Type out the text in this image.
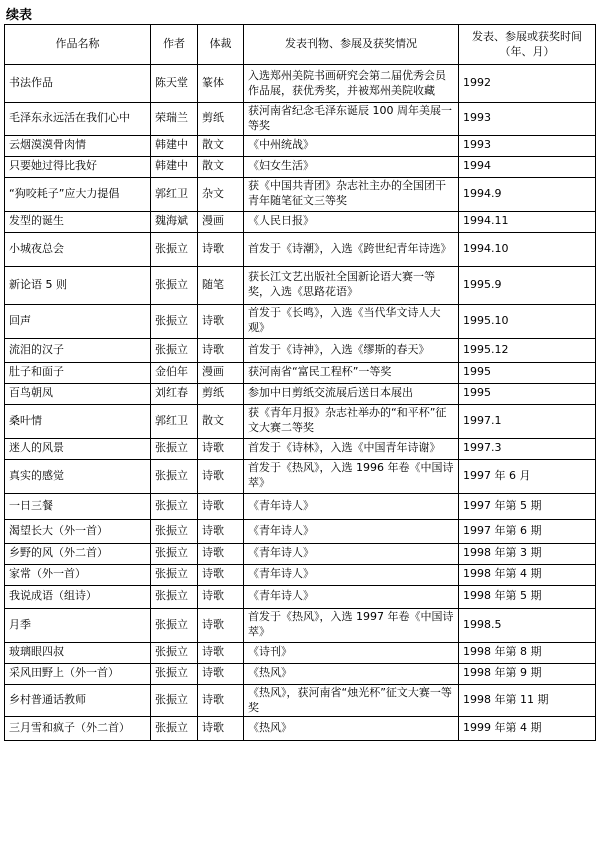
续表
作品名称	作者	体裁	发表刊物、参展及获奖情况	发表、参展或获奖时间（年、月）
书法作品	陈天堂	篆体	入选郑州美院书画研究会第二届优秀会员作品展，获优秀奖，并被郑州美院收藏	1992
毛泽东永远活在我们心中	荣瑞兰	剪纸	获河南省纪念毛泽东诞辰 100 周年美展一等奖	1993
云烟漠漠骨肉情	韩建中	散文	《中州统战》	1993
只要她过得比我好	韩建中	散文	《妇女生活》	1994
“狗咬耗子”应大力提倡	郭红卫	杂文	获《中国共青团》杂志社主办的全国团干青年随笔征文三等奖	1994.9
发型的诞生	魏海斌	漫画	《人民日报》	1994.11
小城夜总会	张振立	诗歌	首发于《诗潮》，入选《跨世纪青年诗选》	1994.10
新论语 5 则	张振立	随笔	获长江文艺出版社全国新论语大赛一等奖，入选《思路花语》	1995.9
回声	张振立	诗歌	首发于《长鸣》，入选《当代华文诗人大观》	1995.10
流泪的汉子	张振立	诗歌	首发于《诗神》，入选《缪斯的春天》	1995.12
肚子和面子	金伯年	漫画	获河南省“富民工程杯”一等奖	1995
百鸟朝凤	刘红春	剪纸	参加中日剪纸交流展后送日本展出	1995
桑叶情	郭红卫	散文	获《青年月报》杂志社举办的“和平杯”征文大赛二等奖	1997.1
迷人的风景	张振立	诗歌	首发于《诗林》，入选《中国青年诗谢》	1997.3
真实的感觉	张振立	诗歌	首发于《热风》，入选 1996 年卷《中国诗萃》	1997 年 6 月
一日三餐	张振立	诗歌	《青年诗人》	1997 年第 5 期
渴望长大（外一首）	张振立	诗歌	《青年诗人》	1997 年第 6 期
乡野的风（外二首）	张振立	诗歌	《青年诗人》	1998 年第 3 期
家常（外一首）	张振立	诗歌	《青年诗人》	1998 年第 4 期
我说成语（组诗）	张振立	诗歌	《青年诗人》	1998 年第 5 期
月季	张振立	诗歌	首发于《热风》，入选 1997 年卷《中国诗萃》	1998.5
玻璃眼四叔	张振立	诗歌	《诗刊》	1998 年第 8 期
采风田野上（外一首）	张振立	诗歌	《热风》	1998 年第 9 期
乡村普通话教师	张振立	诗歌	《热风》，获河南省“烛光杯”征文大赛一等奖	1998 年第 11 期
三月雪和疯子（外二首）	张振立	诗歌	《热风》	1999 年第 4 期
